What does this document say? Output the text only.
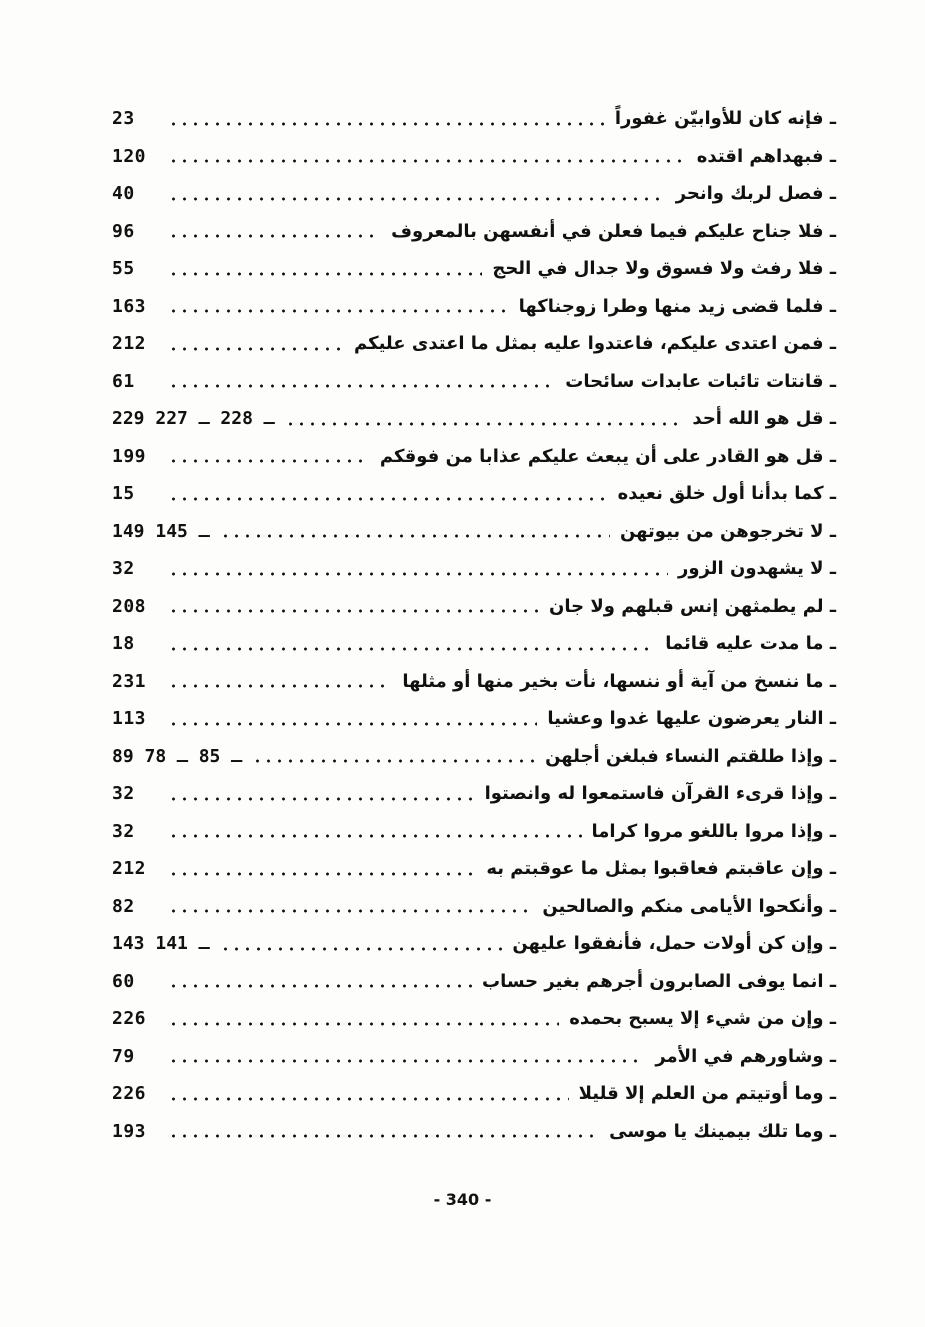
23	ـ فإنه كان للأوابيّن غفوراً
120	ـ فبهداهم اقتده
40	ـ فصل لربك وانحر
96	ـ فلا جناح عليكم فيما فعلن في أنفسهن بالمعروف
55	ـ فلا رفث ولا فسوق ولا جدال في الحج
163	ـ فلما قضى زيد منها وطرا زوجناكها
212	ـ فمن اعتدى عليكم، فاعتدوا عليه بمثل ما اعتدى عليكم
61	ـ قانتات تائبات عابدات سائحات
229 ـ 228 ـ 227	ـ قل هو الله أحد
199	ـ قل هو القادر على أن يبعث عليكم عذابا من فوقكم
15	ـ كما بدأنا أول خلق نعيده
149 ـ 145	ـ لا تخرجوهن من بيوتهن
32	ـ لا يشهدون الزور
208	ـ لم يطمثهن إنس قبلهم ولا جان
18	ـ ما مدت عليه قائما
231	ـ ما ننسخ من آية أو ننسها، نأت بخير منها أو مثلها
113	ـ النار يعرضون عليها غدوا وعشيا
89 ـ 85 ـ 78	ـ وإذا طلقتم النساء فبلغن أجلهن
32	ـ وإذا قرىء القرآن فاستمعوا له وانصتوا
32	ـ وإذا مروا باللغو مروا كراما
212	ـ وإن عاقبتم فعاقبوا بمثل ما عوقبتم به
82	ـ وأنكحوا الأيامى منكم والصالحين
143 ـ 141	ـ وإن كن أولات حمل، فأنفقوا عليهن
60	ـ انما يوفى الصابرون أجرهم بغير حساب
226	ـ وإن من شيء إلا يسبح بحمده
79	ـ وشاورهم في الأمر
226	ـ وما أوتيتم من العلم إلا قليلا
193	ـ وما تلك بيمينك يا موسى
- 340 -
